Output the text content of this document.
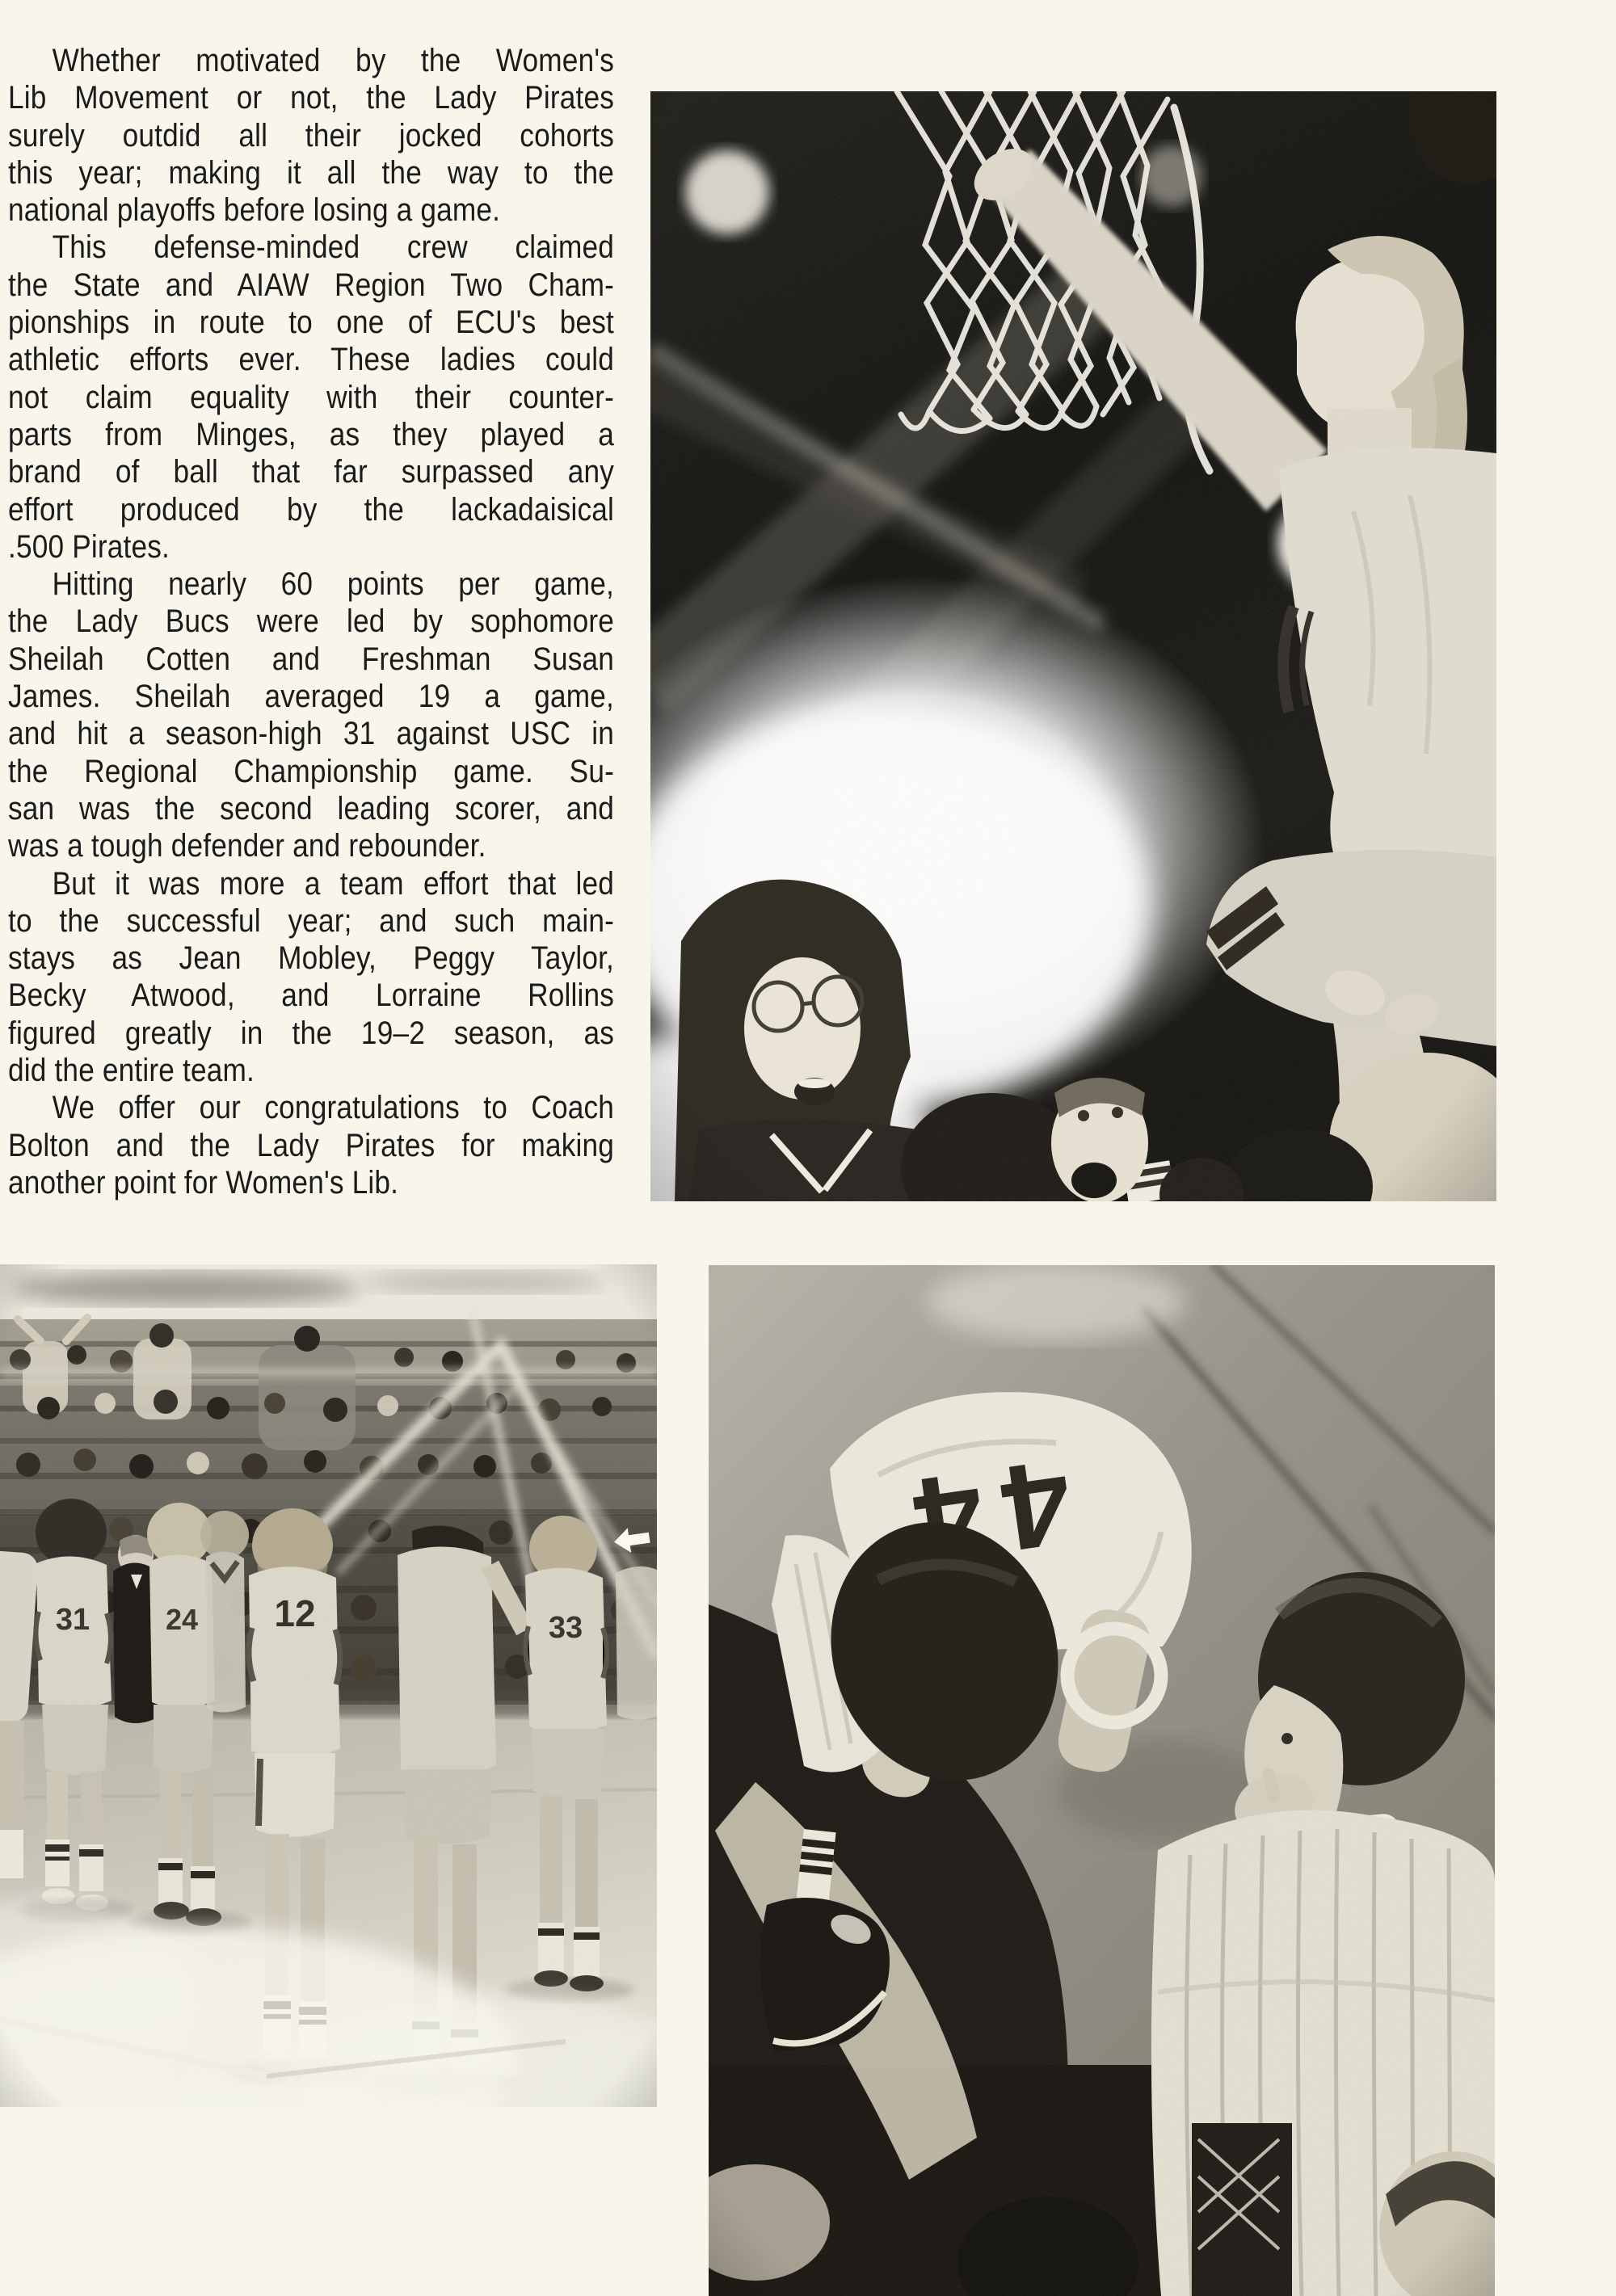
Whether motivated by the Women's
Lib Movement or not, the Lady Pirates
surely outdid all their jocked cohorts
this year; making it all the way to the
national playoffs before losing a game.
This defense-minded crew claimed
the State and AIAW Region Two Cham-
pionships in route to one of ECU's best
athletic efforts ever. These ladies could
not claim equality with their counter-
parts from Minges, as they played a
brand of ball that far surpassed any
effort produced by the lackadaisical
.500 Pirates.
Hitting nearly 60 points per game,
the Lady Bucs were led by sophomore
Sheilah Cotten and Freshman Susan
James. Sheilah averaged 19 a game,
and hit a season-high 31 against USC in
the Regional Championship game. Su-
san was the second leading scorer, and
was a tough defender and rebounder.
But it was more a team effort that led
to the successful year; and such main-
stays as Jean Mobley, Peggy Taylor,
Becky Atwood, and Lorraine Rollins
figured greatly in the 19–2 season, as
did the entire team.
We offer our congratulations to Coach
Bolton and the Lady Pirates for making
another point for Women's Lib.
